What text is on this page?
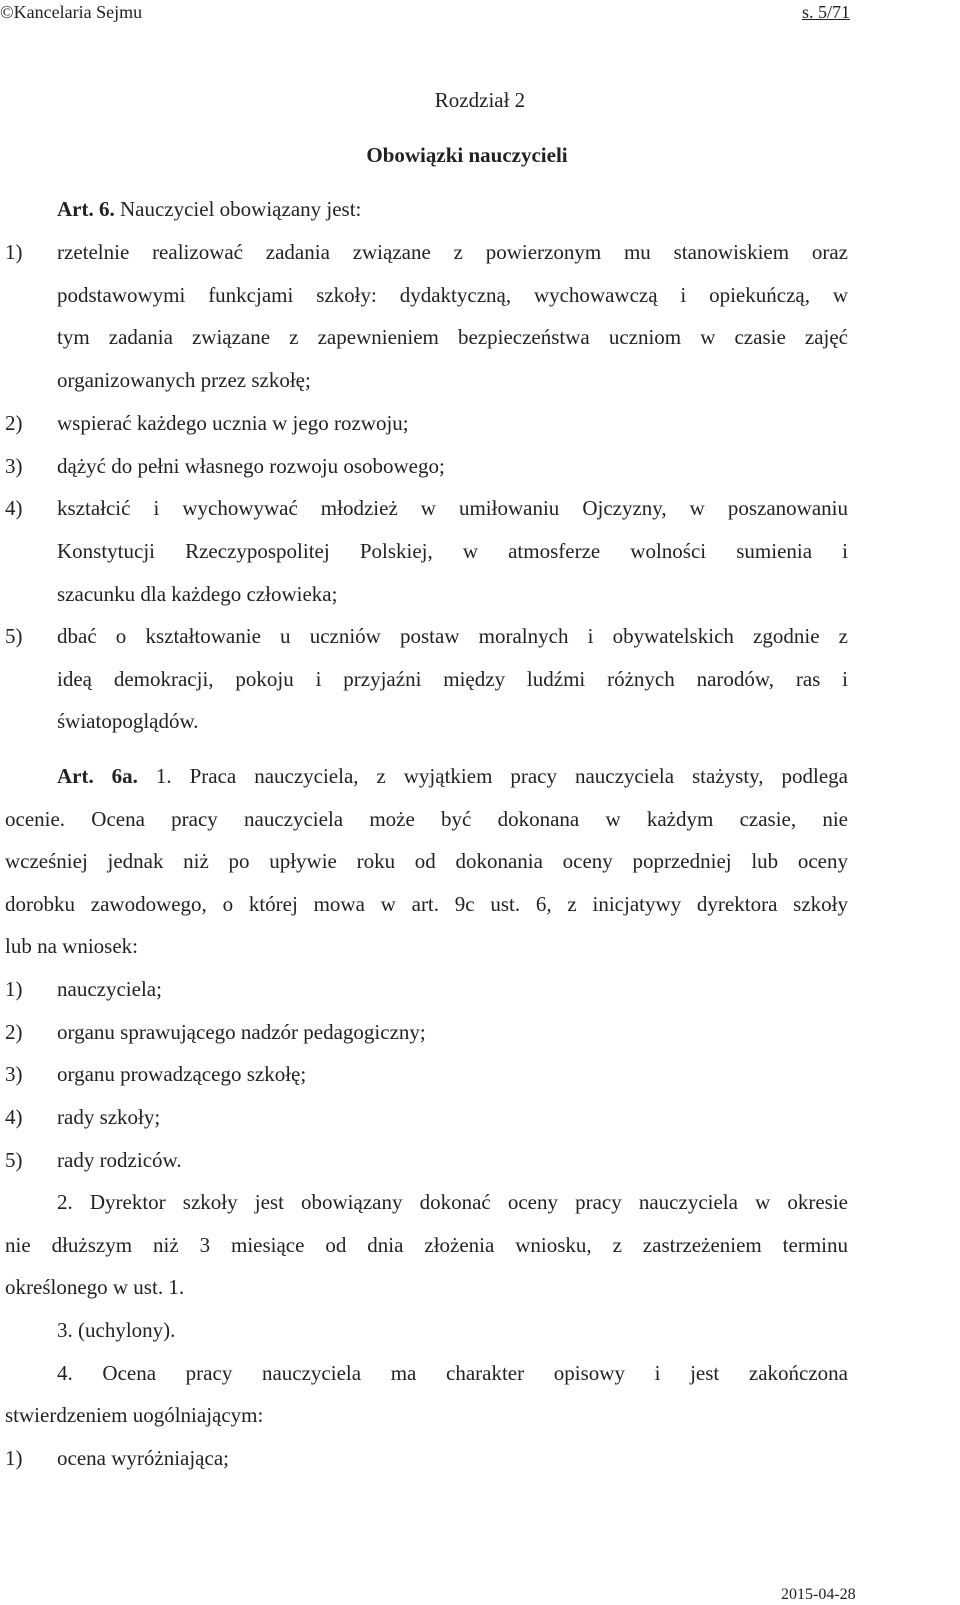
©Kancelaria Sejmu	s. 5/71
Rozdział 2
Obowiązki nauczycieli
Art. 6. Nauczyciel obowiązany jest:
1) rzetelnie realizować zadania związane z powierzonym mu stanowiskiem oraz
podstawowymi funkcjami szkoły: dydaktyczną, wychowawczą i opiekuńczą, w
tym zadania związane z zapewnieniem bezpieczeństwa uczniom w czasie zajęć
organizowanych przez szkołę;
2) wspierać każdego ucznia w jego rozwoju;
3) dążyć do pełni własnego rozwoju osobowego;
4) kształcić i wychowywać młodzież w umiłowaniu Ojczyzny, w poszanowaniu
Konstytucji Rzeczypospolitej Polskiej, w atmosferze wolności sumienia i
szacunku dla każdego człowieka;
5) dbać o kształtowanie u uczniów postaw moralnych i obywatelskich zgodnie z
ideą demokracji, pokoju i przyjaźni między ludźmi różnych narodów, ras i
światopoglądów.
Art. 6a. 1. Praca nauczyciela, z wyjątkiem pracy nauczyciela stażysty, podlega
ocenie. Ocena pracy nauczyciela może być dokonana w każdym czasie, nie
wcześniej jednak niż po upływie roku od dokonania oceny poprzedniej lub oceny
dorobku zawodowego, o której mowa w art. 9c ust. 6, z inicjatywy dyrektora szkoły
lub na wniosek:
1) nauczyciela;
2) organu sprawującego nadzór pedagogiczny;
3) organu prowadzącego szkołę;
4) rady szkoły;
5) rady rodziców.
2. Dyrektor szkoły jest obowiązany dokonać oceny pracy nauczyciela w okresie
nie dłuższym niż 3 miesiące od dnia złożenia wniosku, z zastrzeżeniem terminu
określonego w ust. 1.
3. (uchylony).
4. Ocena pracy nauczyciela ma charakter opisowy i jest zakończona
stwierdzeniem uogólniającym:
1) ocena wyróżniająca;
2015-04-28
